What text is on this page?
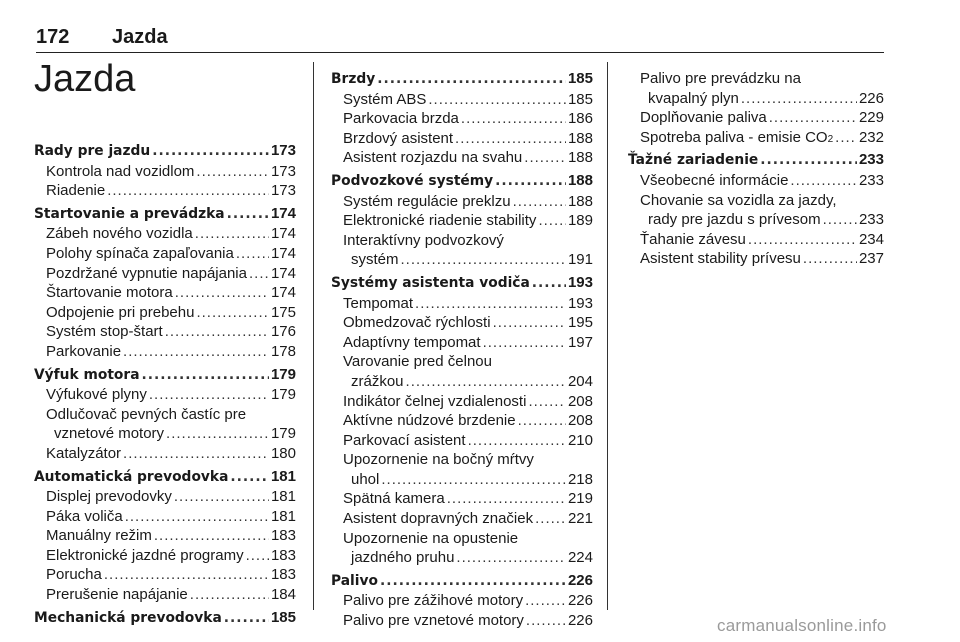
172 Jazda
Jazda
Rady pre jazdu .....	173
Kontrola nad vozidlom .....	173
Riadenie .....	173
Startovanie a prevádzka .....	174
Zábeh nového vozidla .....	174
Polohy spínača zapaľovania ..... 174
Pozdržané vypnutie napájania ..... 174
Štartovanie motora .....	174
Odpojenie pri prebehu .....	175
Systém stop-štart .....	176
Parkovanie .....	178
Výfuk motora .....	179
Výfukové plyny .....	179
Odlučovač pevných častíc pre
vznetové motory .....	179
Katalyzátor .....	180
Automatická prevodovka .....	181
Displej prevodovky .....	181
Páka voliča .....	181
Manuálny režim .....	183
Elektronické jazdné programy ..... 183
Porucha .....	183
Prerušenie napájanie .....	184
Mechanická prevodovka .....	185
Brzdy .....	185
Systém ABS .....	185
Parkovacia brzda .....	186
Brzdový asistent .....	188
Asistent rozjazdu na svahu .....	188
Podvozkové systémy .....	188
Systém regulácie preklzu .....	188
Elektronické riadenie stability ..... 189
Interaktívny podvozkový
systém .....	191
Systémy asistenta vodiča .....	193
Tempomat .....	193
Obmedzovač rýchlosti .....	195
Adaptívny tempomat .....	197
Varovanie pred čelnou
zrážkou .....	204
Indikátor čelnej vzdialenosti .....	208
Aktívne núdzové brzdenie .....	208
Parkovací asistent .....	210
Upozornenie na bočný mŕtvy
uhol .....	218
Spätná kamera .....	219
Asistent dopravných značiek ..... 221
Upozornenie na opustenie
jazdného pruhu .....	224
Palivo .....	226
Palivo pre zážihové motory .....	226
Palivo pre vznetové motory .....	226
Palivo pre prevádzku na
kvapalný plyn .....	226
Doplňovanie paliva .....	229
Spotreba paliva - emisie CO 2 ..... 232
Ťažné zariadenie .....	233
Všeobecné informácie .....	233
Chovanie sa vozidla za jazdy,
rady pre jazdu s prívesom .....	233
Ťahanie závesu .....	234
Asistent stability prívesu .....	237
carmanualsonline.info
